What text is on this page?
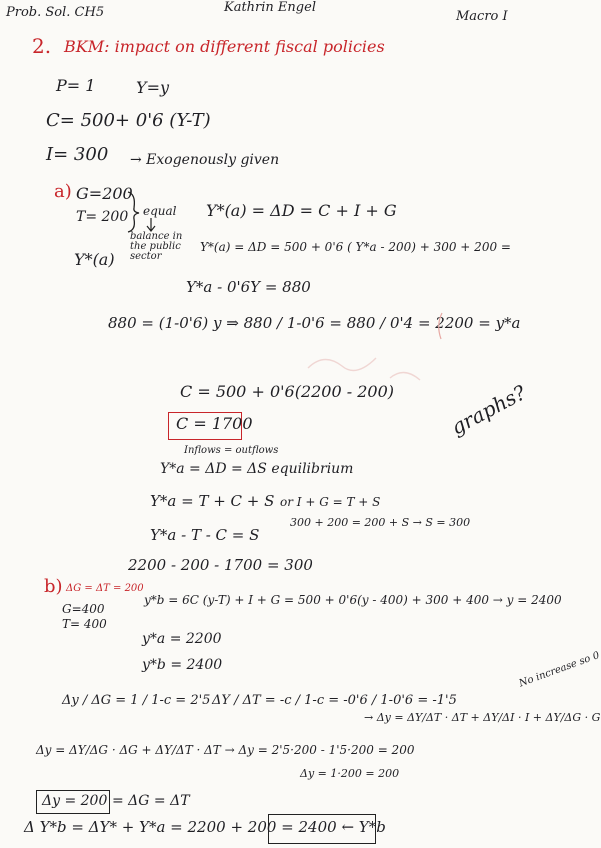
Prob. Sol. CH5	Kathrin Engel
Macro I
2. BKM: impact on different fiscal policies
P= 1	Y=y
C= 500+ 0'6 (Y-T)
I= 300 → Exogenously given
a) G=200
T= 200 equal
balance in the public sector
Y*(a)
Y*(a) = ΔD = C + I + G
Y*(a) = ΔD = 500 + 0'6 ( Y*a - 200) + 300 + 200 =
Y*a - 0'6Y = 880
880 = (1-0'6) y ⇒ 880 / 1-0'6 = 880 / 0'4 = 2200 = y*a
C = 500 + 0'6(2200 - 200)
C = 1700
Inflows = outflows
Y*a = ΔD = ΔS equilibrium
graphs?
Y*a = T + C + S or I + G = T + S
300 + 200 = 200 + S → S = 300
Y*a - T - C = S
2200 - 200 - 1700 = 300
b) ΔG = ΔT = 200
G=400
T= 400
y*b = 6C (y-T) + I + G = 500 + 0'6(y - 400) + 300 + 400 → y = 2400
y*a = 2200
y*b = 2400
Δy / ΔG = 1 / 1-c = 2'5 ΔY / ΔT = -c / 1-c = -0'6 / 1-0'6 = -1'5
No increase so 0
→ Δy = ΔY/ΔT · ΔT + ΔY/ΔI · I + ΔY/ΔG · G
Δy = ΔY/ΔG · ΔG + ΔY/ΔT · ΔT → Δy = 2'5·200 - 1'5·200 = 200
Δy = 1·200 = 200
Δy = 200 = ΔG = ΔT
Δ Y*b = ΔY* + Y*a = 2200 + 200 = 2400 ← Y*b
